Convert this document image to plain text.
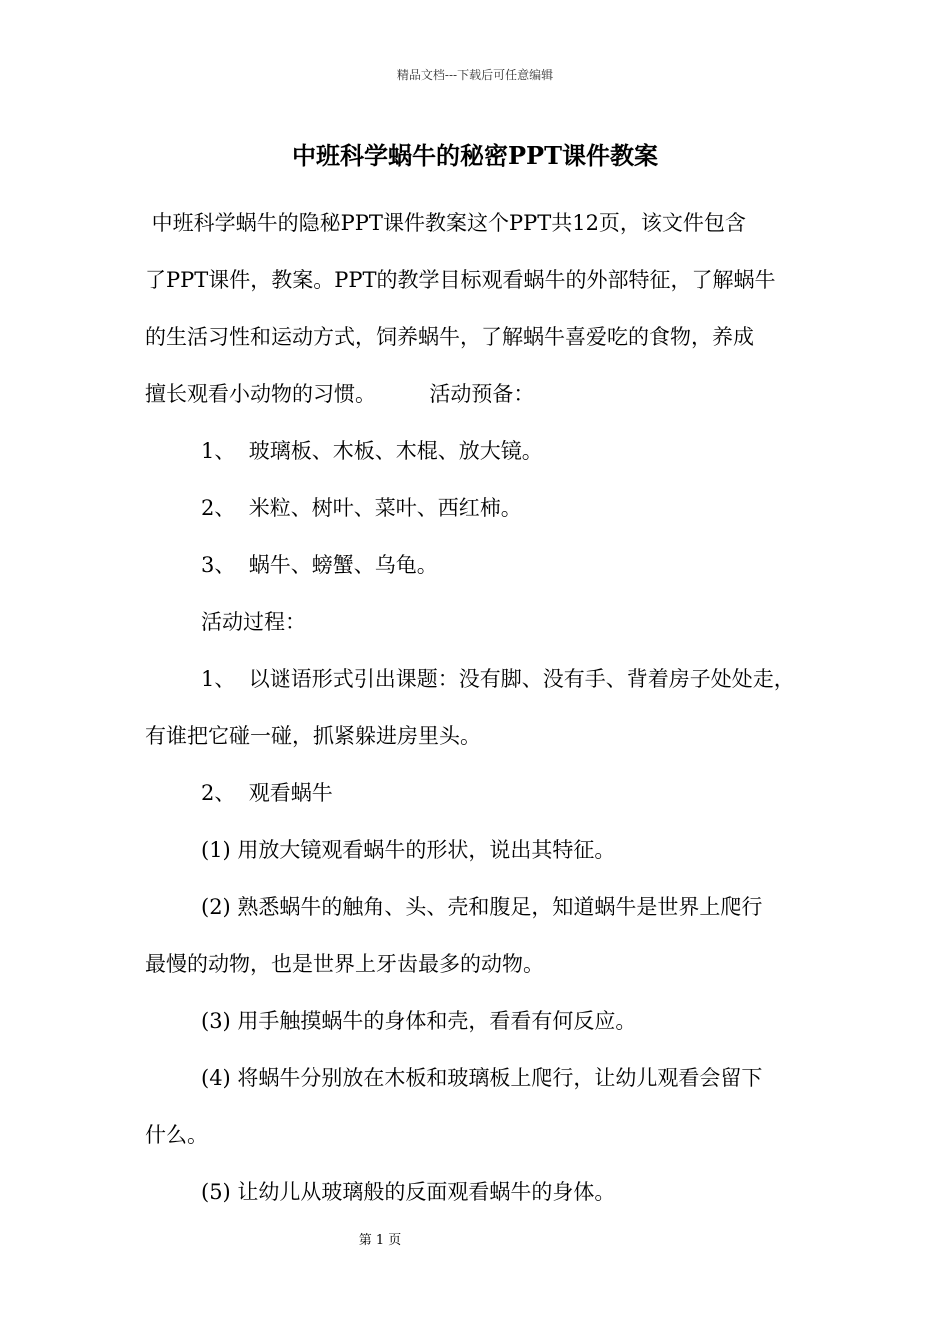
精品文档---下载后可任意编辑
中班科学蜗牛的秘密PPT课件教案
中班科学蜗牛的隐秘PPT课件教案这个PPT共12页，该文件包含
了PPT课件，教案。PPT的教学目标观看蜗牛的外部特征，了解蜗牛
的生活习性和运动方式，饲养蜗牛，了解蜗牛喜爱吃的食物，养成
擅长观看小动物的习惯。        活动预备：
1、  玻璃板、木板、木棍、放大镜。
2、  米粒、树叶、菜叶、西红柿。
3、  蜗牛、螃蟹、乌龟。
活动过程：
1、  以谜语形式引出课题：没有脚、没有手、背着房子处处走，
有谁把它碰一碰，抓紧躲进房里头。
2、  观看蜗牛
(1) 用放大镜观看蜗牛的形状，说出其特征。
(2) 熟悉蜗牛的触角、头、壳和腹足，知道蜗牛是世界上爬行
最慢的动物，也是世界上牙齿最多的动物。
(3) 用手触摸蜗牛的身体和壳，看看有何反应。
(4) 将蜗牛分别放在木板和玻璃板上爬行，让幼儿观看会留下
什么。
(5) 让幼儿从玻璃般的反面观看蜗牛的身体。
第 1 页
